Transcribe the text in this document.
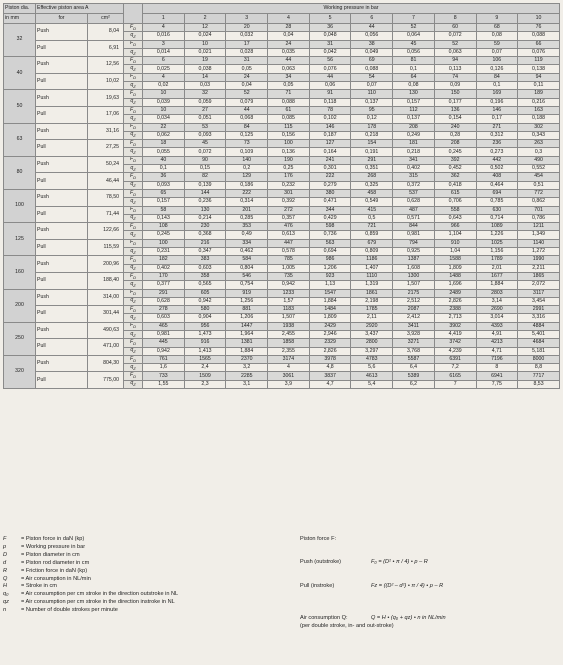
Piston dia.	Effective piston area A			Working pressure in bar									
in mm	for	cm²		1	2	3	4	5	6	7	8	9	10
32	Push	8,04	$F_D$	4	12	20	28	36	44	52	60	68	76
			$q_Z$	0,016	0,024	0,032	0,04	0,048	0,056	0,064	0,072	0,08	0,088
	Pull	6,91	$F_D$	3	10	17	24	31	38	45	52	59	66
			$q_Z$	0,014	0,021	0,028	0,035	0,042	0,049	0,056	0,063	0,07	0,076
40	Push	12,56	$F_D$	6	19	31	44	56	69	81	94	106	119
			$q_Z$	0,025	0,038	0,05	0,063	0,076	0,088	0,1	0,113	0,126	0,138
	Pull	10,02	$F_D$	4	14	24	34	44	54	64	74	84	94
			$q_Z$	0,02	0,03	0,04	0,05	0,06	0,07	0,08	0,09	0,1	0,11
50	Push	19,63	$F_D$	10	32	52	71	91	110	130	150	169	189
			$q_Z$	0,039	0,059	0,079	0,088	0,118	0,137	0,157	0,177	0,196	0,216
	Pull	17,06	$F_D$	10	27	44	61	78	95	112	136	146	163
			$q_Z$	0,034	0,051	0,068	0,085	0,102	0,12	0,137	0,154	0,17	0,188
63	Push	31,16	$F_D$	22	53	84	115	146	178	208	240	271	302
			$q_Z$	0,062	0,093	0,125	0,156	0,187	0,218	0,249	0,28	0,312	0,343
	Pull	27,25	$F_D$	18	45	73	100	127	154	181	208	236	263
			$q_Z$	0,055	0,072	0,109	0,136	0,164	0,191	0,218	0,245	0,273	0,3
80	Push	50,24	$F_D$	40	90	140	190	241	291	341	392	442	490
			$q_Z$	0,1	0,15	0,2	0,25	0,301	0,351	0,402	0,452	0,502	0,552
	Pull	46,44	$F_D$	36	82	129	176	222	268	315	362	408	454
			$q_Z$	0,093	0,139	0,186	0,232	0,279	0,325	0,372	0,418	0,464	0,51
100	Push	78,50	$F_D$	65	144	222	301	380	458	537	615	694	772
			$q_Z$	0,157	0,236	0,314	0,392	0,471	0,549	0,628	0,706	0,785	0,862
	Pull	71,44	$F_D$	58	130	201	272	344	415	487	558	630	701
			$q_Z$	0,143	0,214	0,285	0,357	0,429	0,5	0,571	0,643	0,714	0,786
125	Push	122,66	$F_D$	108	230	353	476	598	721	844	966	1089	1211
			$q_Z$	0,245	0,368	0,49	0,613	0,736	0,859	0,981	1,104	1,226	1,349
	Pull	115,59	$F_D$	100	216	334	447	563	679	794	910	1025	1140
			$q_Z$	0,231	0,347	0,462	0,578	0,694	0,809	0,925	1,04	1,156	1,272
160	Push	200,96	$F_D$	182	383	584	785	986	1186	1387	1588	1789	1990
			$q_Z$	0,402	0,603	0,804	1,005	1,206	1,407	1,608	1,809	2,01	2,211
	Pull	188,40	$F_D$	170	358	546	735	923	1110	1300	1488	1677	1865
			$q_Z$	0,377	0,565	0,754	0,942	1,13	1,319	1,507	1,696	1,884	2,072
200	Push	314,00	$F_D$	291	605	919	1233	1547	1861	2175	2489	2803	3117
			$q_Z$	0,628	0,942	1,256	1,57	1,884	2,198	2,512	2,826	3,14	3,454
	Pull	301,44	$F_D$	278	580	881	1183	1484	1785	2087	2388	2690	2991
			$q_Z$	0,603	0,904	1,206	1,507	1,809	2,11	2,412	2,713	3,014	3,316
250	Push	490,63	$F_D$	465	956	1447	1938	2429	2920	3411	3902	4393	4884
			$q_Z$	0,981	1,473	1,964	2,455	2,946	3,437	3,928	4,419	4,91	5,401
	Pull	471,00	$F_D$	445	916	1381	1858	2329	2800	3271	3742	4213	4684
			$q_Z$	0,942	1,413	1,884	2,355	2,826	3,297	3,768	4,239	4,71	5,181
320	Push	804,30	$F_D$	761	1565	2370	3174	3978	4783	5587	6391	7196	8000
			$q_Z$	1,6	2,4	3,2	4	4,8	5,6	6,4	7,2	8	8,8
	Pull	775,00	$F_D$	733	1509	2285	3061	3837	4613	5389	6165	6941	7717
			$q_Z$	1,55	2,3	3,1	3,9	4,7	5,4	6,2	7	7,75	8,53
F	= Piston force in daN (kp)
p	= Working pressure in bar
D = Piston diameter in cm
d	= Piston rod diameter in cm
R = Friction force in daN (kp)
Q = Air consumption in NL/min
H = Stroke in cm
q₀ = Air consumption per cm stroke in the direction outstroke in NL
qz = Air consumption per cm stroke in the direction instroke in NL
n	= Number of double strokes per minute
Piston force F:
Push (outstroke)	F₀ = (D² • π / 4) • p – R
Pull (instroke)	Fz = ((D² – d²) • π / 4) • p – R
Air consumption Q:	Q = H • (q₀ + qz) • n in NL/min
(per double stroke, in- and out-stroke)
